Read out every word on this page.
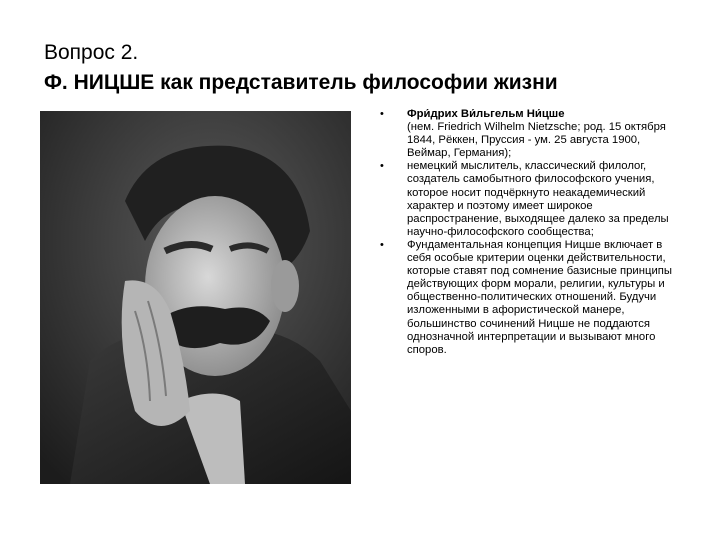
Вопрос 2.
Ф. НИЦШЕ как представитель философии жизни
• Фри́дрих Ви́льгельм Ни́цше
(нем. Friedrich Wilhelm Nietzsche; род. 15 октября 1844, Рёккен, Пруссия - ум. 25 августа 1900, Веймар, Германия);
• немецкий мыслитель, классический филолог, создатель самобытного философского учения, которое носит подчёркнуто неакадемический характер и поэтому имеет широкое распространение, выходящее далеко за пределы научно-философского сообщества;
• Фундаментальная концепция Ницше включает в себя особые критерии оценки действительности, которые ставят под сомнение базисные принципы действующих форм морали, религии, культуры и общественно-политических отношений. Будучи изложенными в афористической манере, большинство сочинений Ницше не поддаются однозначной интерпретации и вызывают много споров.
